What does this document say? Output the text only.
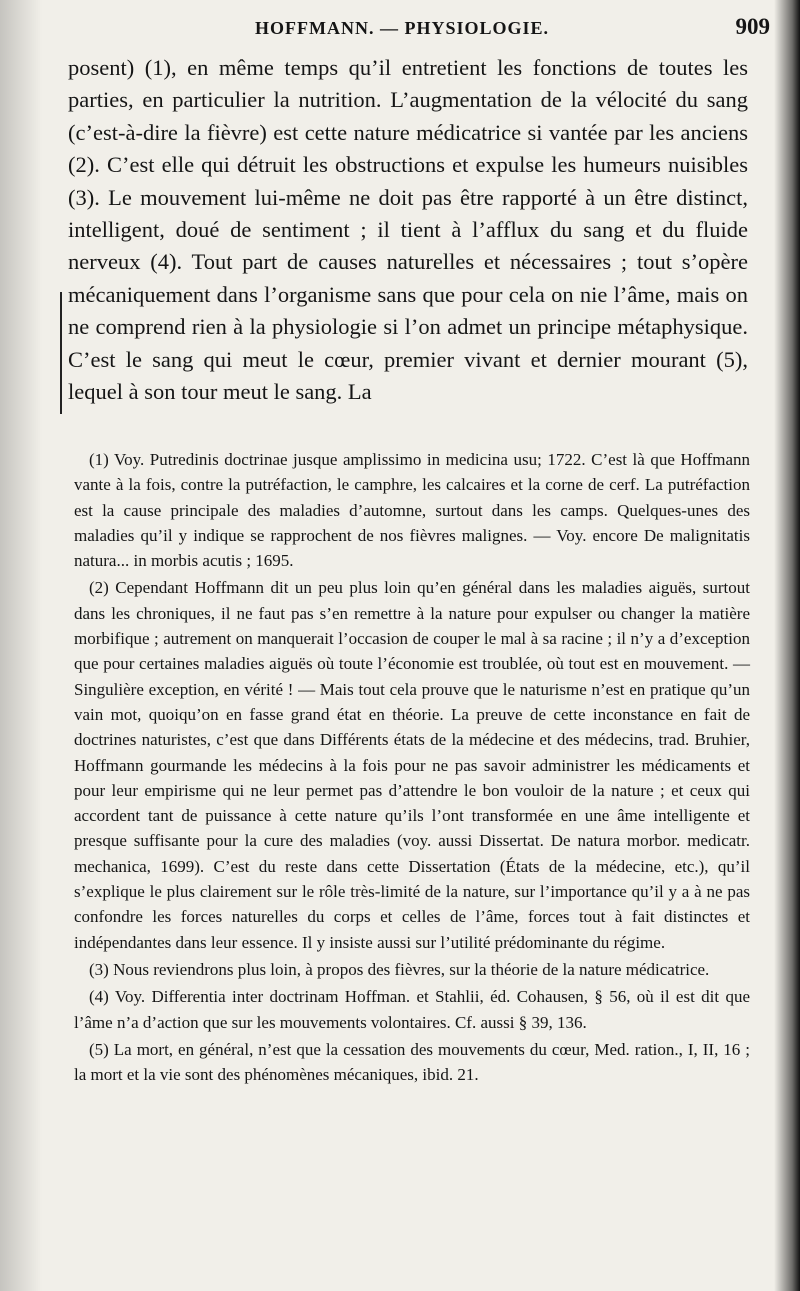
HOFFMANN. — PHYSIOLOGIE.	909

posent) (1), en même temps qu’il entretient les fonctions de toutes les parties, en particulier la nutrition. L’augmentation de la vélocité du sang (c’est-à-dire la fièvre) est cette nature médicatrice si vantée par les anciens (2). C’est elle qui détruit les obstructions et expulse les humeurs nuisibles (3). Le mouvement lui-même ne doit pas être rapporté à un être distinct, intelligent, doué de sentiment ; il tient à l’afflux du sang et du fluide nerveux (4). Tout part de causes naturelles et nécessaires ; tout s’opère mécaniquement dans l’organisme sans que pour cela on nie l’âme, mais on ne comprend rien à la physiologie si l’on admet un principe métaphysique. C’est le sang qui meut le cœur, premier vivant et dernier mourant (5), lequel à son tour meut le sang. La

(1) Voy. Putredinis doctrinae jusque amplissimo in medicina usu; 1722. C’est là que Hoffmann vante à la fois, contre la putréfaction, le camphre, les calcaires et la corne de cerf. La putréfaction est la cause principale des maladies d’automne, surtout dans les camps. Quelques-unes des maladies qu’il y indique se rapprochent de nos fièvres malignes. — Voy. encore De malignitatis natura... in morbis acutis ; 1695.

(2) Cependant Hoffmann dit un peu plus loin qu’en général dans les maladies aiguës, surtout dans les chroniques, il ne faut pas s’en remettre à la nature pour expulser ou changer la matière morbifique ; autrement on manquerait l’occasion de couper le mal à sa racine ; il n’y a d’exception que pour certaines maladies aiguës où toute l’économie est troublée, où tout est en mouvement. — Singulière exception, en vérité ! — Mais tout cela prouve que le naturisme n’est en pratique qu’un vain mot, quoiqu’on en fasse grand état en théorie. La preuve de cette inconstance en fait de doctrines naturistes, c’est que dans Différents états de la médecine et des médecins, trad. Bruhier, Hoffmann gourmande les médecins à la fois pour ne pas savoir administrer les médicaments et pour leur empirisme qui ne leur permet pas d’attendre le bon vouloir de la nature ; et ceux qui accordent tant de puissance à cette nature qu’ils l’ont transformée en une âme intelligente et presque suffisante pour la cure des maladies (voy. aussi Dissertat. De natura morbor. medicatr. mechanica, 1699). C’est du reste dans cette Dissertation (États de la médecine, etc.), qu’il s’explique le plus clairement sur le rôle très-limité de la nature, sur l’importance qu’il y a à ne pas confondre les forces naturelles du corps et celles de l’âme, forces tout à fait distinctes et indépendantes dans leur essence. Il y insiste aussi sur l’utilité prédominante du régime.

(3) Nous reviendrons plus loin, à propos des fièvres, sur la théorie de la nature médicatrice.

(4) Voy. Differentia inter doctrinam Hoffman. et Stahlii, éd. Cohausen, § 56, où il est dit que l’âme n’a d’action que sur les mouvements volontaires. Cf. aussi § 39, 136.

(5) La mort, en général, n’est que la cessation des mouvements du cœur, Med. ration., I, II, 16 ; la mort et la vie sont des phénomènes mécaniques, ibid. 21.
